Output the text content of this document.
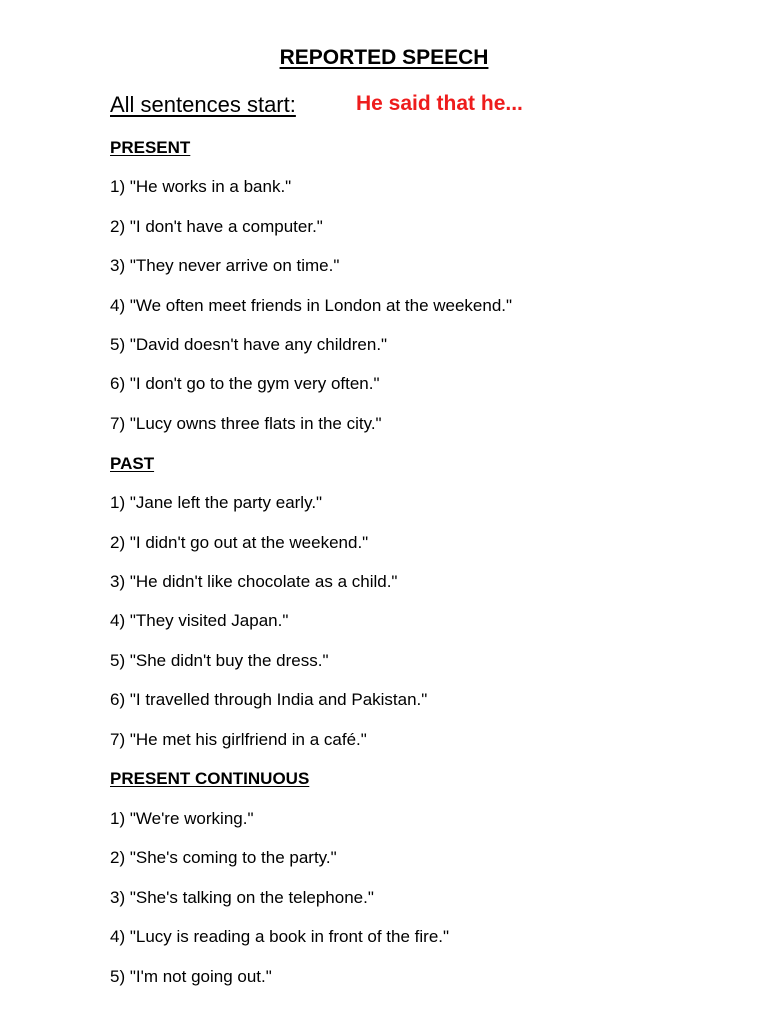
REPORTED SPEECH
All sentences start:	He said that he...
PRESENT
1) "He works in a bank."
2) "I don't have a computer."
3) "They never arrive on time."
4) "We often meet friends in London at the weekend."
5) "David doesn't have any children."
6) "I don't go to the gym very often."
7) "Lucy owns three flats in the city."
PAST
1) "Jane left the party early."
2) "I didn't go out at the weekend."
3) "He didn't like chocolate as a child."
4) "They visited Japan."
5) "She didn't buy the dress."
6) "I travelled through India and Pakistan."
7) "He met his girlfriend in a café."
PRESENT CONTINUOUS
1) "We're working."
2) "She's coming to the party."
3) "She's talking on the telephone."
4) "Lucy is reading a book in front of the fire."
5) "I'm not going out."
